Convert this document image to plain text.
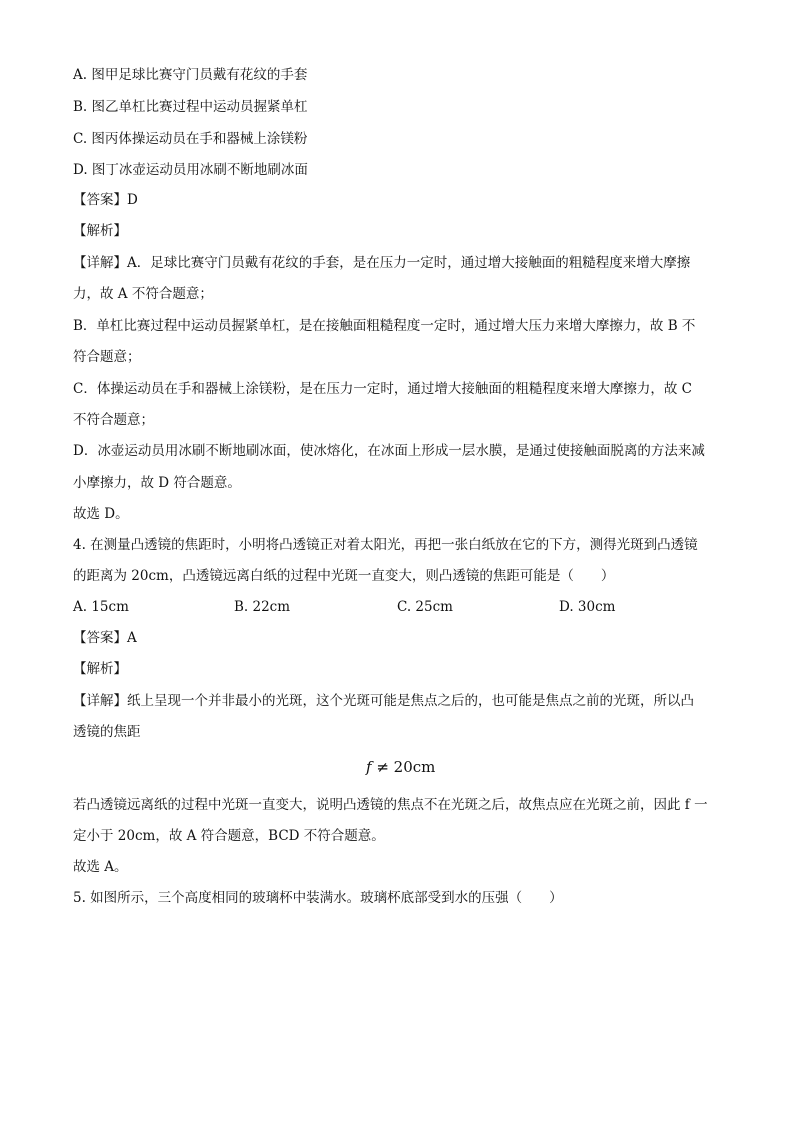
A. 图甲足球比赛守门员戴有花纹的手套
B. 图乙单杠比赛过程中运动员握紧单杠
C. 图丙体操运动员在手和器械上涂镁粉
D. 图丁冰壶运动员用冰刷不断地刷冰面
【答案】D
【解析】
【详解】A．足球比赛守门员戴有花纹的手套，是在压力一定时，通过增大接触面的粗糙程度来增大摩擦
力，故 A 不符合题意；
B．单杠比赛过程中运动员握紧单杠，是在接触面粗糙程度一定时，通过增大压力来增大摩擦力，故 B 不
符合题意；
C．体操运动员在手和器械上涂镁粉，是在压力一定时，通过增大接触面的粗糙程度来增大摩擦力，故 C
不符合题意；
D．冰壶运动员用冰刷不断地刷冰面，使冰熔化，在冰面上形成一层水膜，是通过使接触面脱离的方法来减
小摩擦力，故 D 符合题意。
故选 D。
4. 在测量凸透镜的焦距时，小明将凸透镜正对着太阳光，再把一张白纸放在它的下方，测得光斑到凸透镜
的距离为 20cm，凸透镜远离白纸的过程中光斑一直变大，则凸透镜的焦距可能是（　　）
A. 15cm	B. 22cm	C. 25cm	D. 30cm
【答案】A
【解析】
【详解】纸上呈现一个并非最小的光斑，这个光斑可能是焦点之后的，也可能是焦点之前的光斑，所以凸
透镜的焦距
f ≠ 20cm
若凸透镜远离纸的过程中光斑一直变大，说明凸透镜的焦点不在光斑之后，故焦点应在光斑之前，因此 f 一
定小于 20cm，故 A 符合题意，BCD 不符合题意。
故选 A。
5. 如图所示，三个高度相同的玻璃杯中装满水。玻璃杯底部受到水的压强（　　）
